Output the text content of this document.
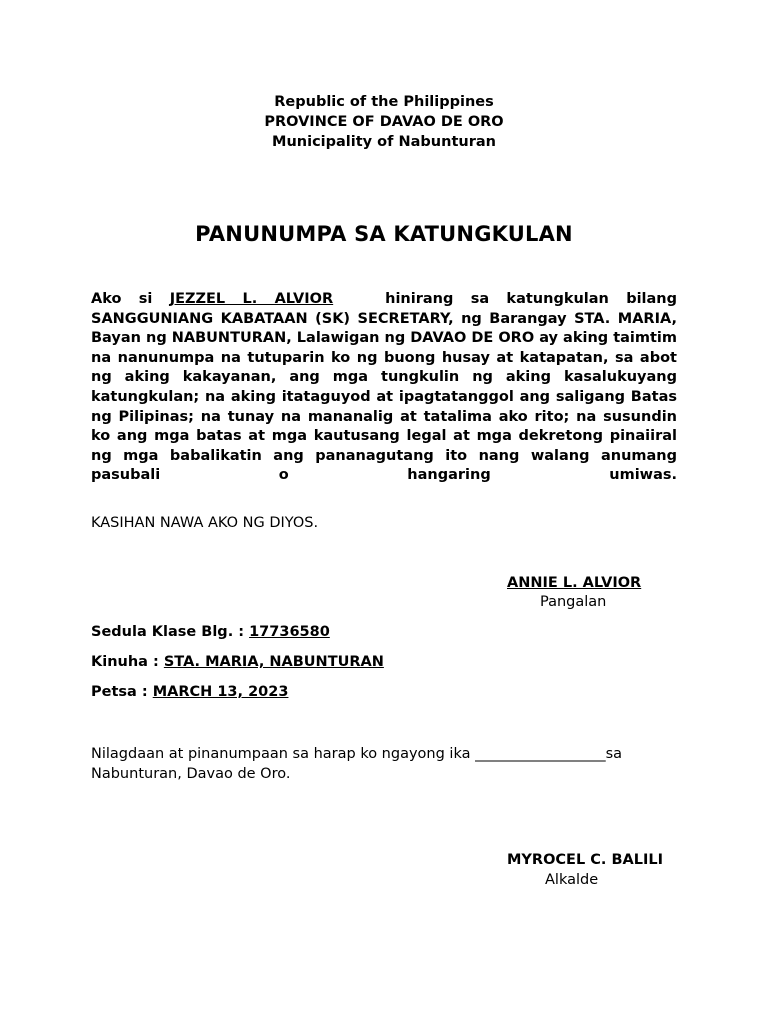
Republic of the Philippines
PROVINCE OF DAVAO DE ORO
Municipality of Nabunturan
PANUNUMPA SA KATUNGKULAN
Ako si JEZZEL L. ALVIOR   hinirang sa katungkulan bilang SANGGUNIANG KABATAAN (SK) SECRETARY, ng Barangay STA. MARIA, Bayan ng NABUNTURAN, Lalawigan ng DAVAO DE ORO ay aking taimtim na nanunumpa na tutuparin ko ng buong husay at katapatan, sa abot ng aking kakayanan, ang mga tungkulin ng aking kasalukuyang katungkulan; na aking itataguyod at ipagtatanggol ang saligang Batas ng Pilipinas; na tunay na mananalig at tatalima ako rito; na susundin ko ang mga batas at mga kautusang legal at mga dekretong pinaiiral ng mga babalikatin ang pananagutang ito nang walang anumang pasubali o hangaring umiwas.
KASIHAN NAWA AKO NG DIYOS.
ANNIE L. ALVIOR
Pangalan
Sedula Klase Blg. : 17736580
Kinuha : STA. MARIA, NABUNTURAN
Petsa : MARCH 13, 2023
Nilagdaan at pinanumpaan sa harap ko ngayong ika __________________sa Nabunturan, Davao de Oro.
MYROCEL C. BALILI
Alkalde
